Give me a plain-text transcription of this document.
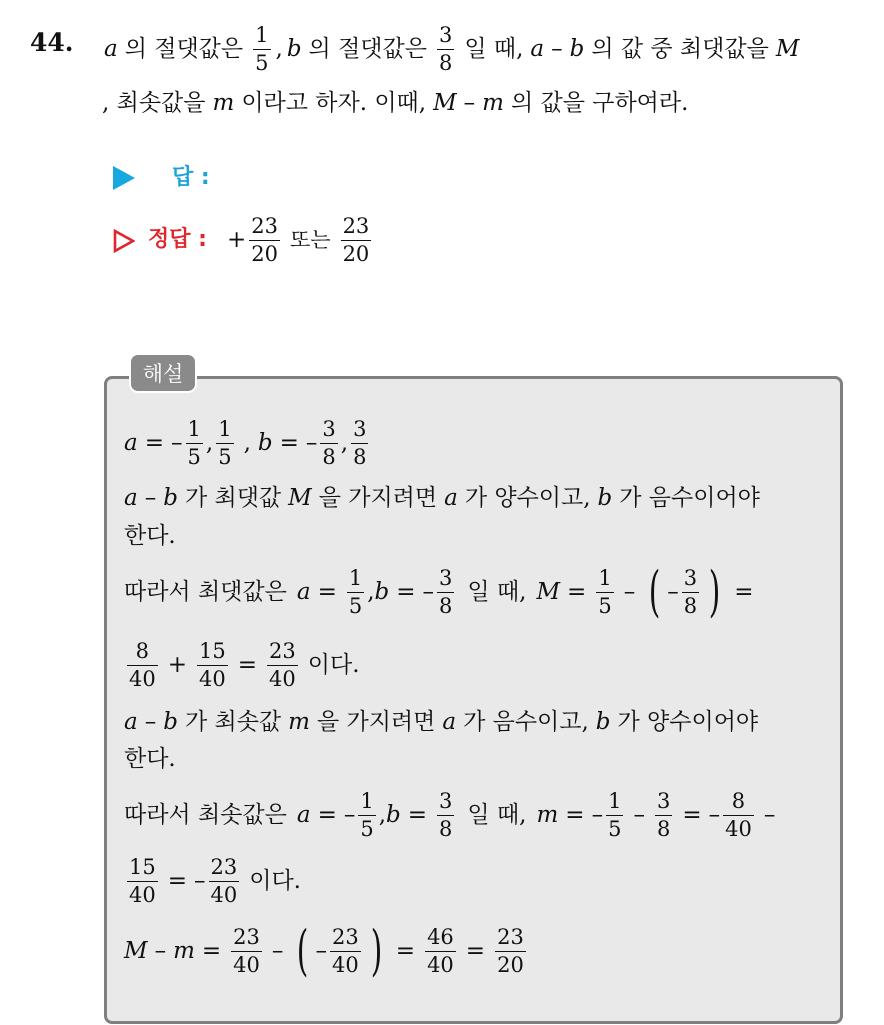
44. a 의 절댓값은 $\frac{1}{5}$ , b 의 절댓값은 $\frac{3}{8}$ 일 때, a – b 의 값 중 최댓값을 M
, 최솟값을 m 이라고 하자. 이때, M – m 의 값을 구하여라.
답 :
정답 : + $\frac{23}{20}$ 또는 $\frac{23}{20}$
해설
a = – $\frac{1}{5}$ , $\frac{1}{5}$ , b = – $\frac{3}{8}$ , $\frac{3}{8}$
a – b 가 최댓값 M 을 가지려면 a 가 양수이고, b 가 음수이어야
한다.
따라서 최댓값은 $a = \frac{1}{5}$ , b = – $\frac{3}{8}$ 일 때, $M = \frac{1}{5}$ – ( – $\frac{3}{8}$ ) =
$\frac{8}{40} + \frac{15}{40} = \frac{23}{40}$ 이다.
a – b 가 최솟값 m 을 가지려면 a 가 음수이고, b 가 양수이어야
한다.
따라서 최솟값은 a = – $\frac{1}{5}$ , $b = \frac{3}{8}$ 일 때, m = – $\frac{1}{5} - \frac{3}{8}$ = – $\frac{8}{40}$ –
$\frac{15}{40}$ = – $\frac{23}{40}$ 이다.
$M - m = \frac{23}{40}$ – ( – $\frac{23}{40}$ ) = $\frac{46}{40} = \frac{23}{20}$
